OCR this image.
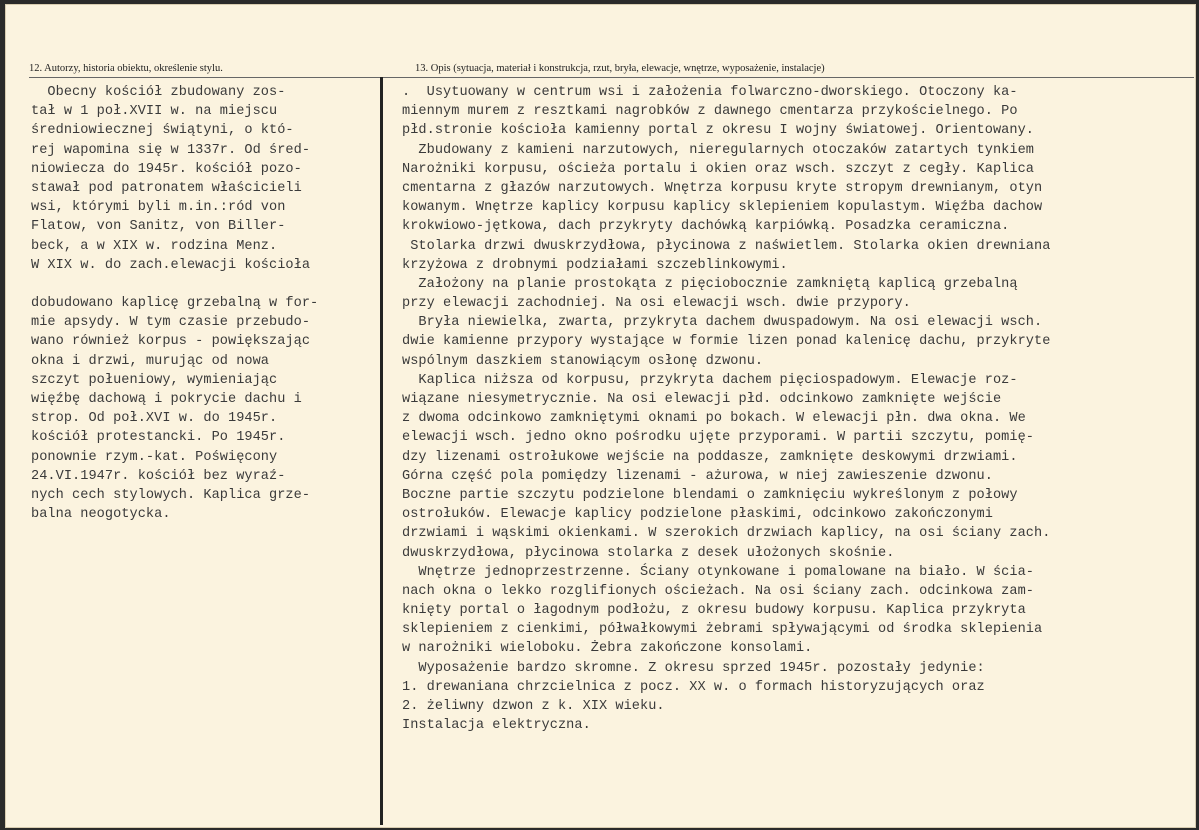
12. Autorzy, historia obiektu, określenie stylu.	13. Opis (sytuacja, materiał i konstrukcja, rzut, bryła, elewacje, wnętrze, wyposażenie, instalacje)
Obecny kościół zbudowany zos-
tał w 1 poł.XVII w. na miejscu
średniowiecznej świątyni, o któ-
rej wapomina się w 1337r. Od śred-
niowiecza do 1945r. kościół pozo-
stawał pod patronatem właścicieli
wsi, którymi byli m.in.:ród von
Flatow, von Sanitz, von Biller-
beck, a w XIX w. rodzina Menz.
W XIX w. do zach.elewacji kościoła
dobudowano kaplicę grzebalną w for-
mie apsydy. W tym czasie przebudo-
wano również korpus - powiększając
okna i drzwi, murując od nowa
szczyt połueniowy, wymieniając
więźbę dachową i pokrycie dachu i
strop. Od poł.XVI w. do 1945r.
kościół protestancki. Po 1945r.
ponownie rzym.-kat. Poświęcony
24.VI.1947r. kościół bez wyraź-
nych cech stylowych. Kaplica grze-
balna neogotycka.
.  Usytuowany w centrum wsi i założenia folwarczno-dworskiego. Otoczony ka-
miennym murem z resztkami nagrobków z dawnego cmentarza przykościelnego. Po
płd.stronie kościoła kamienny portal z okresu I wojny światowej. Orientowany.
Zbudowany z kamieni narzutowych, nieregularnych otoczaków zatartych tynkiem
Narożniki korpusu, ościeża portalu i okien oraz wsch. szczyt z cegły. Kaplica
cmentarna z głazów narzutowych. Wnętrza korpusu kryte stropym drewnianym, otyn
kowanym. Wnętrze kaplicy korpusu kaplicy sklepieniem kopulastym. Więźba dachow
krokwiowo-jętkowa, dach przykryty dachówką karpiówką. Posadzka ceramiczna.
Stolarka drzwi dwuskrzydłowa, płycinowa z naświetlem. Stolarka okien drewniana
krzyżowa z drobnymi podziałami szczeblinkowymi.
Założony na planie prostokąta z pięciobocznie zamkniętą kaplicą grzebalną
przy elewacji zachodniej. Na osi elewacji wsch. dwie przypory.
Bryła niewielka, zwarta, przykryta dachem dwuspadowym. Na osi elewacji wsch.
dwie kamienne przypory wystające w formie lizen ponad kalenicę dachu, przykryte
wspólnym daszkiem stanowiącym osłonę dzwonu.
Kaplica niższa od korpusu, przykryta dachem pięciospadowym. Elewacje roz-
wiązane niesymetrycznie. Na osi elewacji płd. odcinkowo zamknięte wejście
z dwoma odcinkowo zamkniętymi oknami po bokach. W elewacji płn. dwa okna. We
elewacji wsch. jedno okno pośrodku ujęte przyporami. W partii szczytu, pomię-
dzy lizenami ostrołukowe wejście na poddasze, zamknięte deskowymi drzwiami.
Górna część pola pomiędzy lizenami - ażurowa, w niej zawieszenie dzwonu.
Boczne partie szczytu podzielone blendami o zamknięciu wykreślonym z połowy
ostrołuków. Elewacje kaplicy podzielone płaskimi, odcinkowo zakończonymi
drzwiami i wąskimi okienkami. W szerokich drzwiach kaplicy, na osi ściany zach.
dwuskrzydłowa, płycinowa stolarka z desek ułożonych skośnie.
Wnętrze jednoprzestrzenne. Ściany otynkowane i pomalowane na biało. W ścia-
nach okna o lekko rozglifionych ościeżach. Na osi ściany zach. odcinkowa zam-
knięty portal o łagodnym podłożu, z okresu budowy korpusu. Kaplica przykryta
sklepieniem z cienkimi, półwałkowymi żebrami spływającymi od środka sklepienia
w narożniki wieloboku. Żebra zakończone konsolami.
Wyposażenie bardzo skromne. Z okresu sprzed 1945r. pozostały jedynie:
1. drewaniana chrzcielnica z pocz. XX w. o formach historyzujących oraz
2. żeliwny dzwon z k. XIX wieku.
Instalacja elektryczna.
